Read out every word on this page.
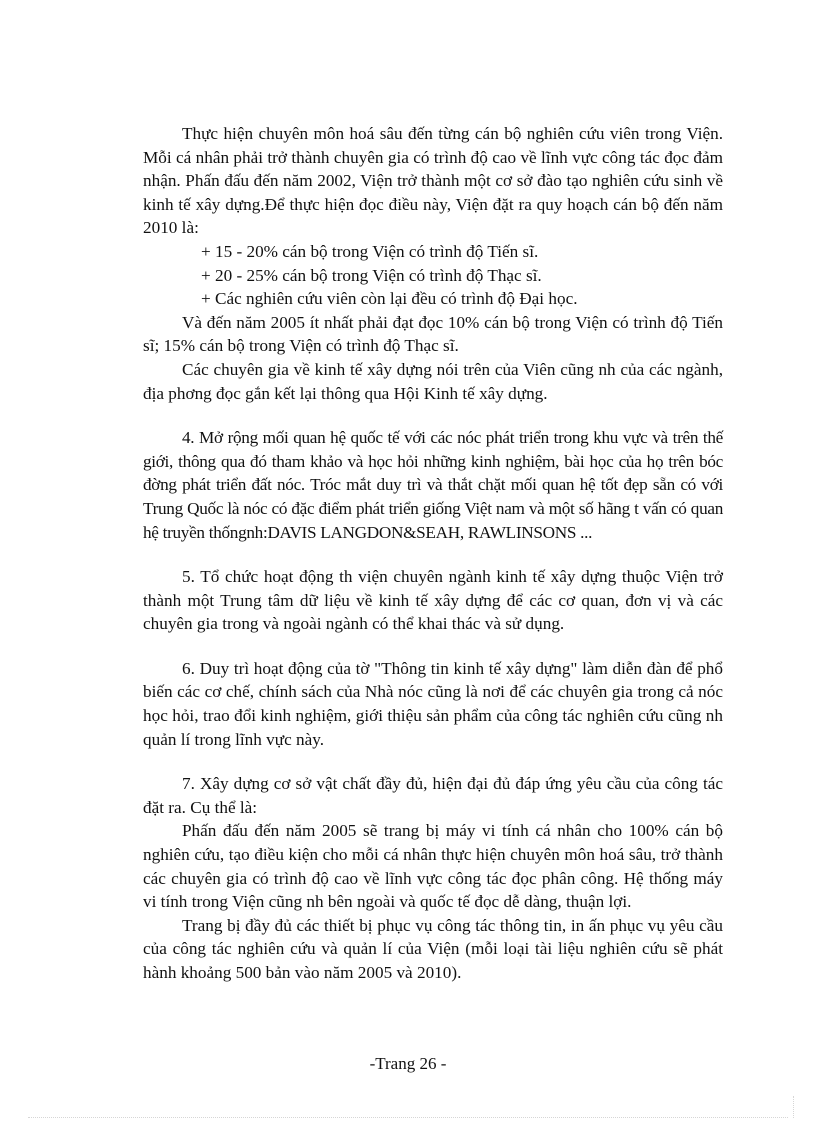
Thực hiện chuyên môn hoá sâu đến từng cán bộ nghiên cứu viên trong Viện. Mỗi cá nhân phải trở thành chuyên gia có trình độ cao về lĩnh vực công tác đọc đảm nhận. Phấn đấu đến năm 2002, Viện trở thành một cơ sở đào tạo nghiên cứu sinh về kinh tế xây dựng.Để thực hiện đọc điều này, Viện đặt ra quy hoạch cán bộ đến năm 2010 là:

+ 15 - 20% cán bộ trong Viện có trình độ Tiến sĩ.

+ 20 - 25% cán bộ trong Viện có trình độ Thạc sĩ.

+ Các nghiên cứu viên còn lại đều có trình độ Đại học.

Và đến năm 2005 ít nhất phải đạt đọc 10% cán bộ trong Viện có trình độ Tiến sĩ; 15% cán bộ trong Viện có trình độ Thạc sĩ.

Các chuyên gia về kinh tế xây dựng nói trên của Viên cũng nh của các ngành, địa phơng đọc gắn kết lại thông qua Hội Kinh tế xây dựng.

4. Mở rộng mối quan hệ quốc tế với các nóc phát triển trong khu vực và trên thế giới, thông qua đó tham khảo và học hỏi những kinh nghiệm, bài học của họ trên bóc đờng phát triển đất nóc. Tróc mắt duy trì và thắt chặt mối quan hệ tốt đẹp sẵn có với Trung Quốc là nóc có đặc điểm phát triển giống Việt nam và một số hãng t vấn có quan hệ truyền thốngnh:DAVIS LANGDON&SEAH, RAWLINSONS ...

5. Tổ chức hoạt động th viện chuyên ngành kinh tế xây dựng thuộc Viện trở thành một Trung tâm dữ liệu về kinh tế xây dựng để các cơ quan, đơn vị và các chuyên gia trong và ngoài ngành có thể khai thác và sử dụng.

6. Duy trì hoạt động của tờ "Thông tin kinh tế xây dựng" làm diễn đàn để phổ biến các cơ chế, chính sách của Nhà nóc cũng là nơi để các chuyên gia trong cả nóc học hỏi, trao đổi kinh nghiệm, giới thiệu sản phẩm của công tác nghiên cứu cũng nh quản lí trong lĩnh vực này.

7. Xây dựng cơ sở vật chất đầy đủ, hiện đại đủ đáp ứng yêu cầu của công tác đặt ra. Cụ thể là:

Phấn đấu đến năm 2005 sẽ trang bị máy vi tính cá nhân cho 100% cán bộ nghiên cứu, tạo điều kiện cho mỗi cá nhân thực hiện chuyên môn hoá sâu, trở thành các chuyên gia có trình độ cao về lĩnh vực công tác đọc phân công. Hệ thống máy vi tính trong Viện cũng nh bên ngoài và quốc tế đọc dễ dàng, thuận lợi.

Trang bị đầy đủ các thiết bị phục vụ công tác thông tin, in ấn phục vụ yêu cầu của công tác nghiên cứu và quản lí của Viện (mỗi loại tài liệu nghiên cứu sẽ phát hành khoảng 500 bản vào năm 2005 và 2010).

-Trang 26 -
